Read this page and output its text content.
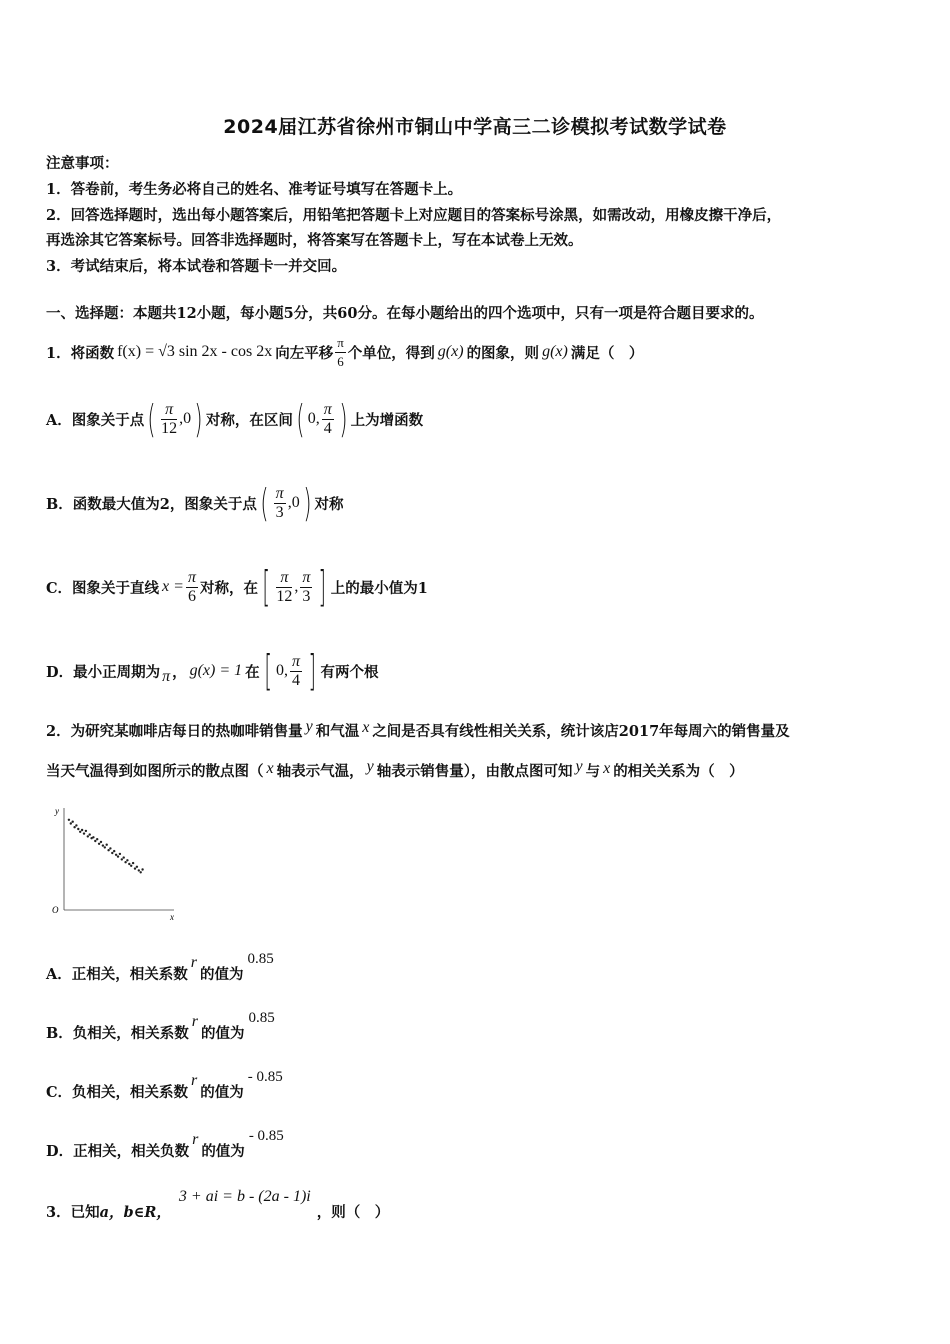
2024届江苏省徐州市铜山中学高三二诊模拟考试数学试卷
注意事项：
1．答卷前，考生务必将自己的姓名、准考证号填写在答题卡上。
2．回答选择题时，选出每小题答案后，用铅笔把答题卡上对应题目的答案标号涂黑，如需改动，用橡皮擦干净后，
再选涂其它答案标号。回答非选择题时，将答案写在答题卡上，写在本试卷上无效。
3．考试结束后，将本试卷和答题卡一并交回。
一、选择题：本题共12小题，每小题5分，共60分。在每小题给出的四个选项中，只有一项是符合题目要求的。
1．将函数 f(x) = √3 sin 2x - cos 2x 向左平移 $\frac{\pi}{6}$ 个单位，得到 g(x) 的图象，则 g(x) 满足（　）
A．图象关于点 ( $\frac{\pi}{12} ,0$ ) 对称，在区间 ( 0, $\frac{\pi}{4}$ ) 上为增函数
B．函数最大值为2，图象关于点 ( $\frac{\pi}{3} ,0$ ) 对称
C．图象关于直线 $x = \frac{\pi}{6}$ 对称，在 [ $\frac{\pi}{12}$ , $\frac{\pi}{3}$ ] 上的最小值为1
D．最小正周期为 π ， g(x) = 1 在 [ 0, $\frac{\pi}{4}$ ] 有两个根
2．为研究某咖啡店每日的热咖啡销售量 y 和气温 x 之间是否具有线性相关关系，统计该店2017年每周六的销售量及
当天气温得到如图所示的散点图（ x 轴表示气温， y 轴表示销售量），由散点图可知 y 与 x 的相关关系为（　）
y
x
O
A．正相关，相关系数
r
的值为
0.85
B．负相关，相关系数
r
的值为
0.85
C．负相关，相关系数
r
的值为
- 0.85
D．正相关，相关负数
r
的值为
- 0.85
3．已知 a，b∈R，
3 + ai = b - (2a - 1)i
，则（　）
